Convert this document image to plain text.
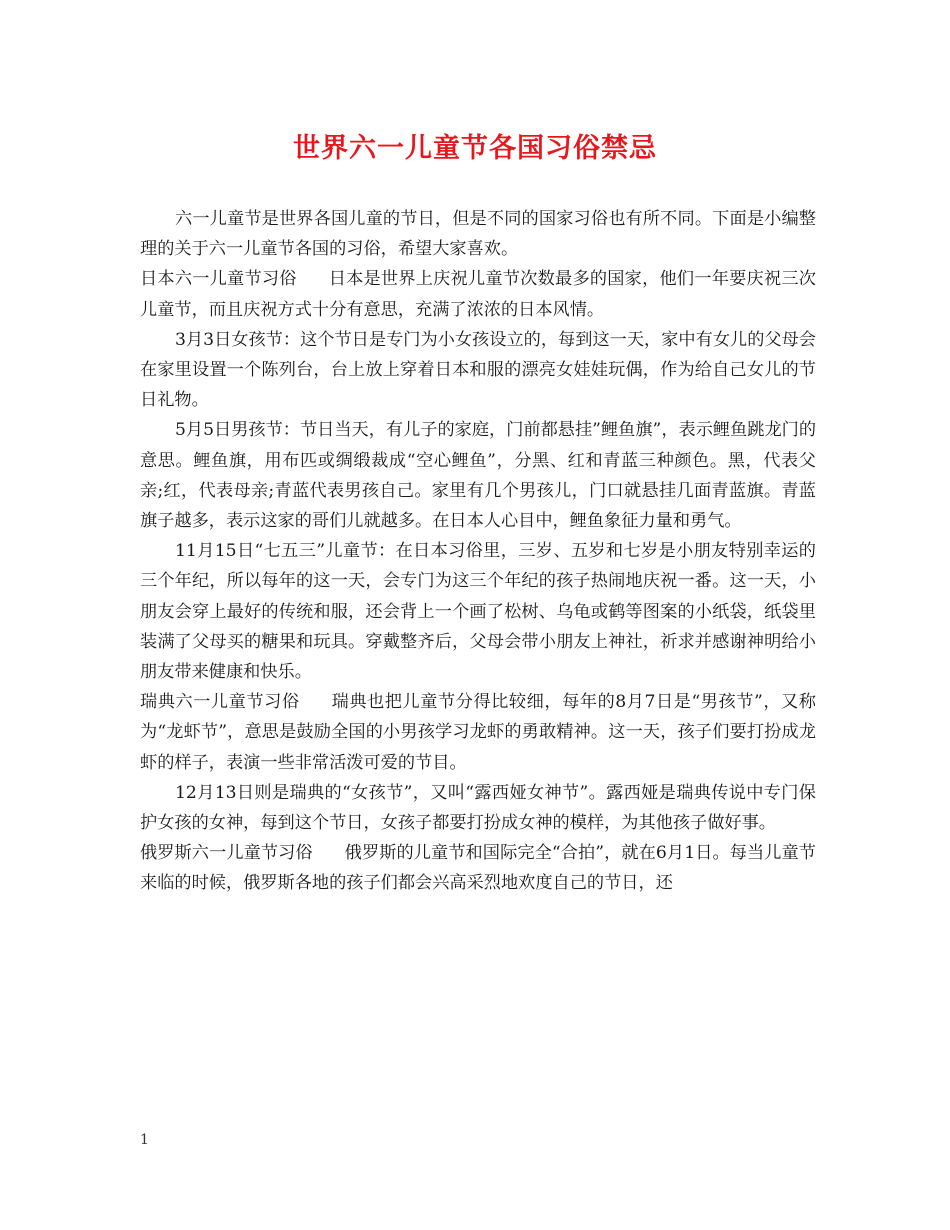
世界六一儿童节各国习俗禁忌

六一儿童节是世界各国儿童的节日，但是不同的国家习俗也有所不同。下面是小编整理的关于六一儿童节各国的习俗，希望大家喜欢。

日本六一儿童节习俗 日本是世界上庆祝儿童节次数最多的国家，他们一年要庆祝三次儿童节，而且庆祝方式十分有意思，充满了浓浓的日本风情。

3月3日女孩节：这个节日是专门为小女孩设立的，每到这一天，家中有女儿的父母会在家里设置一个陈列台，台上放上穿着日本和服的漂亮女娃娃玩偶，作为给自己女儿的节日礼物。

5月5日男孩节：节日当天，有儿子的家庭，门前都悬挂”鲤鱼旗”，表示鲤鱼跳龙门的意思。鲤鱼旗，用布匹或绸缎裁成“空心鲤鱼”，分黑、红和青蓝三种颜色。黑，代表父亲;红，代表母亲;青蓝代表男孩自己。家里有几个男孩儿，门口就悬挂几面青蓝旗。青蓝旗子越多，表示这家的哥们儿就越多。在日本人心目中，鲤鱼象征力量和勇气。

11月15日“七五三”儿童节：在日本习俗里，三岁、五岁和七岁是小朋友特别幸运的三个年纪，所以每年的这一天，会专门为这三个年纪的孩子热闹地庆祝一番。这一天，小朋友会穿上最好的传统和服，还会背上一个画了松树、乌龟或鹤等图案的小纸袋，纸袋里装满了父母买的糖果和玩具。穿戴整齐后，父母会带小朋友上神社，祈求并感谢神明给小朋友带来健康和快乐。

瑞典六一儿童节习俗 瑞典也把儿童节分得比较细，每年的8月7日是“男孩节”，又称为“龙虾节”，意思是鼓励全国的小男孩学习龙虾的勇敢精神。这一天，孩子们要打扮成龙虾的样子，表演一些非常活泼可爱的节目。

12月13日则是瑞典的“女孩节”，又叫“露西娅女神节”。露西娅是瑞典传说中专门保护女孩的女神，每到这个节日，女孩子都要打扮成女神的模样，为其他孩子做好事。

俄罗斯六一儿童节习俗 俄罗斯的儿童节和国际完全“合拍”，就在6月1日。每当儿童节来临的时候，俄罗斯各地的孩子们都会兴高采烈地欢度自己的节日，还

1
